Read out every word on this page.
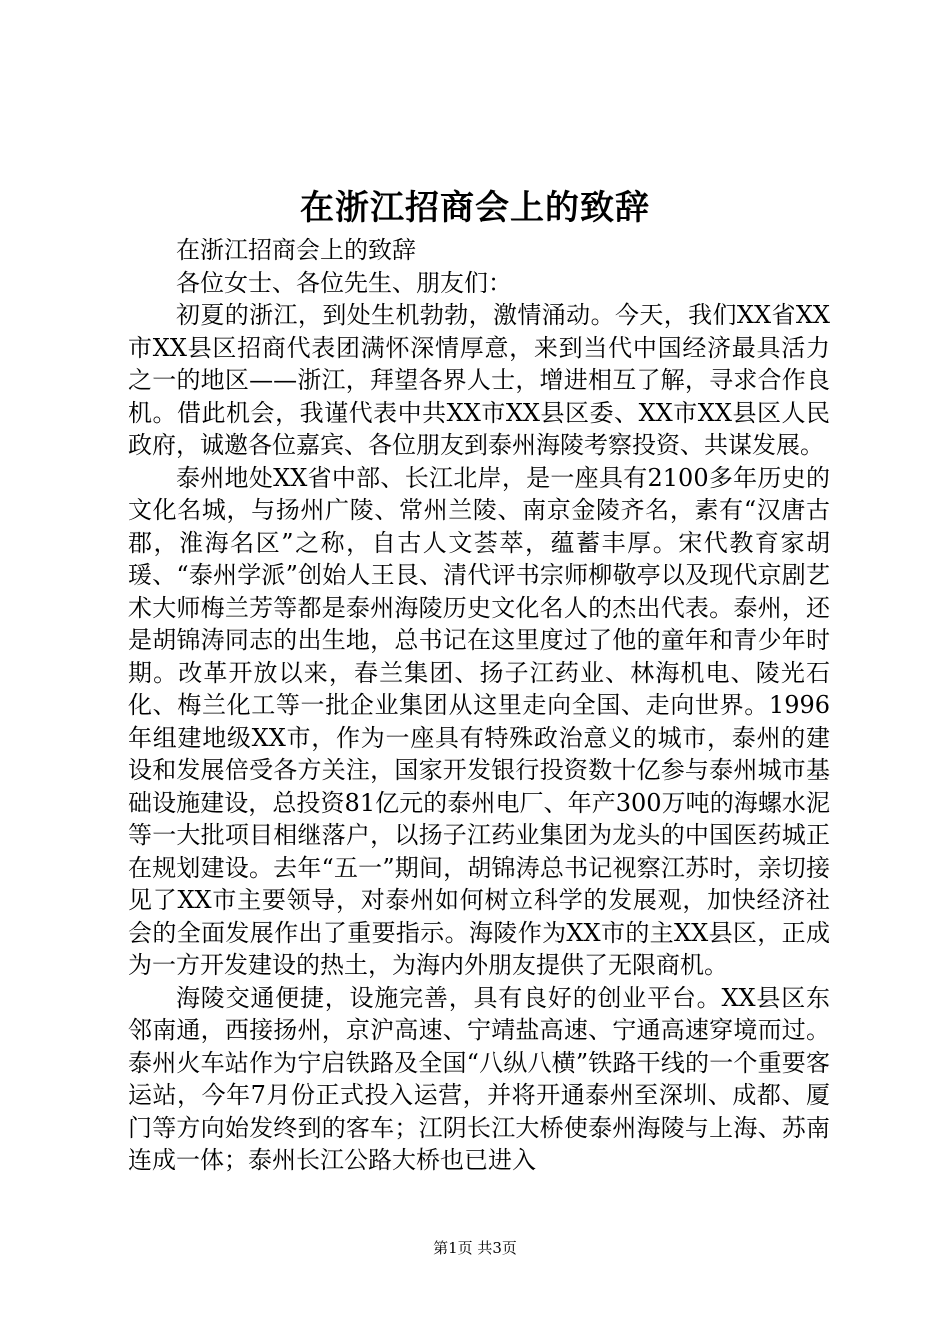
在浙江招商会上的致辞

在浙江招商会上的致辞

各位女士、各位先生、朋友们：

初夏的浙江，到处生机勃勃，激情涌动。今天，我们XX省XX市XX县区招商代表团满怀深情厚意，来到当代中国经济最具活力之一的地区——浙江，拜望各界人士，增进相互了解，寻求合作良机。借此机会，我谨代表中共XX市XX县区委、XX市XX县区人民政府，诚邀各位嘉宾、各位朋友到泰州海陵考察投资、共谋发展。

泰州地处XX省中部、长江北岸，是一座具有2100多年历史的文化名城，与扬州广陵、常州兰陵、南京金陵齐名，素有“汉唐古郡，淮海名区”之称，自古人文荟萃，蕴蓄丰厚。宋代教育家胡瑗、“泰州学派”创始人王艮、清代评书宗师柳敬亭以及现代京剧艺术大师梅兰芳等都是泰州海陵历史文化名人的杰出代表。泰州，还是胡锦涛同志的出生地，总书记在这里度过了他的童年和青少年时期。改革开放以来，春兰集团、扬子江药业、林海机电、陵光石化、梅兰化工等一批企业集团从这里走向全国、走向世界。1996年组建地级XX市，作为一座具有特殊政治意义的城市，泰州的建设和发展倍受各方关注，国家开发银行投资数十亿参与泰州城市基础设施建设，总投资81亿元的泰州电厂、年产300万吨的海螺水泥等一大批项目相继落户，以扬子江药业集团为龙头的中国医药城正在规划建设。去年“五一”期间，胡锦涛总书记视察江苏时，亲切接见了XX市主要领导，对泰州如何树立科学的发展观，加快经济社会的全面发展作出了重要指示。海陵作为XX市的主XX县区，正成为一方开发建设的热土，为海内外朋友提供了无限商机。

海陵交通便捷，设施完善，具有良好的创业平台。XX县区东邻南通，西接扬州，京沪高速、宁靖盐高速、宁通高速穿境而过。泰州火车站作为宁启铁路及全国“八纵八横”铁路干线的一个重要客运站，今年7月份正式投入运营，并将开通泰州至深圳、成都、厦门等方向始发终到的客车；江阴长江大桥使泰州海陵与上海、苏南连成一体；泰州长江公路大桥也已进入

第1页 共3页
